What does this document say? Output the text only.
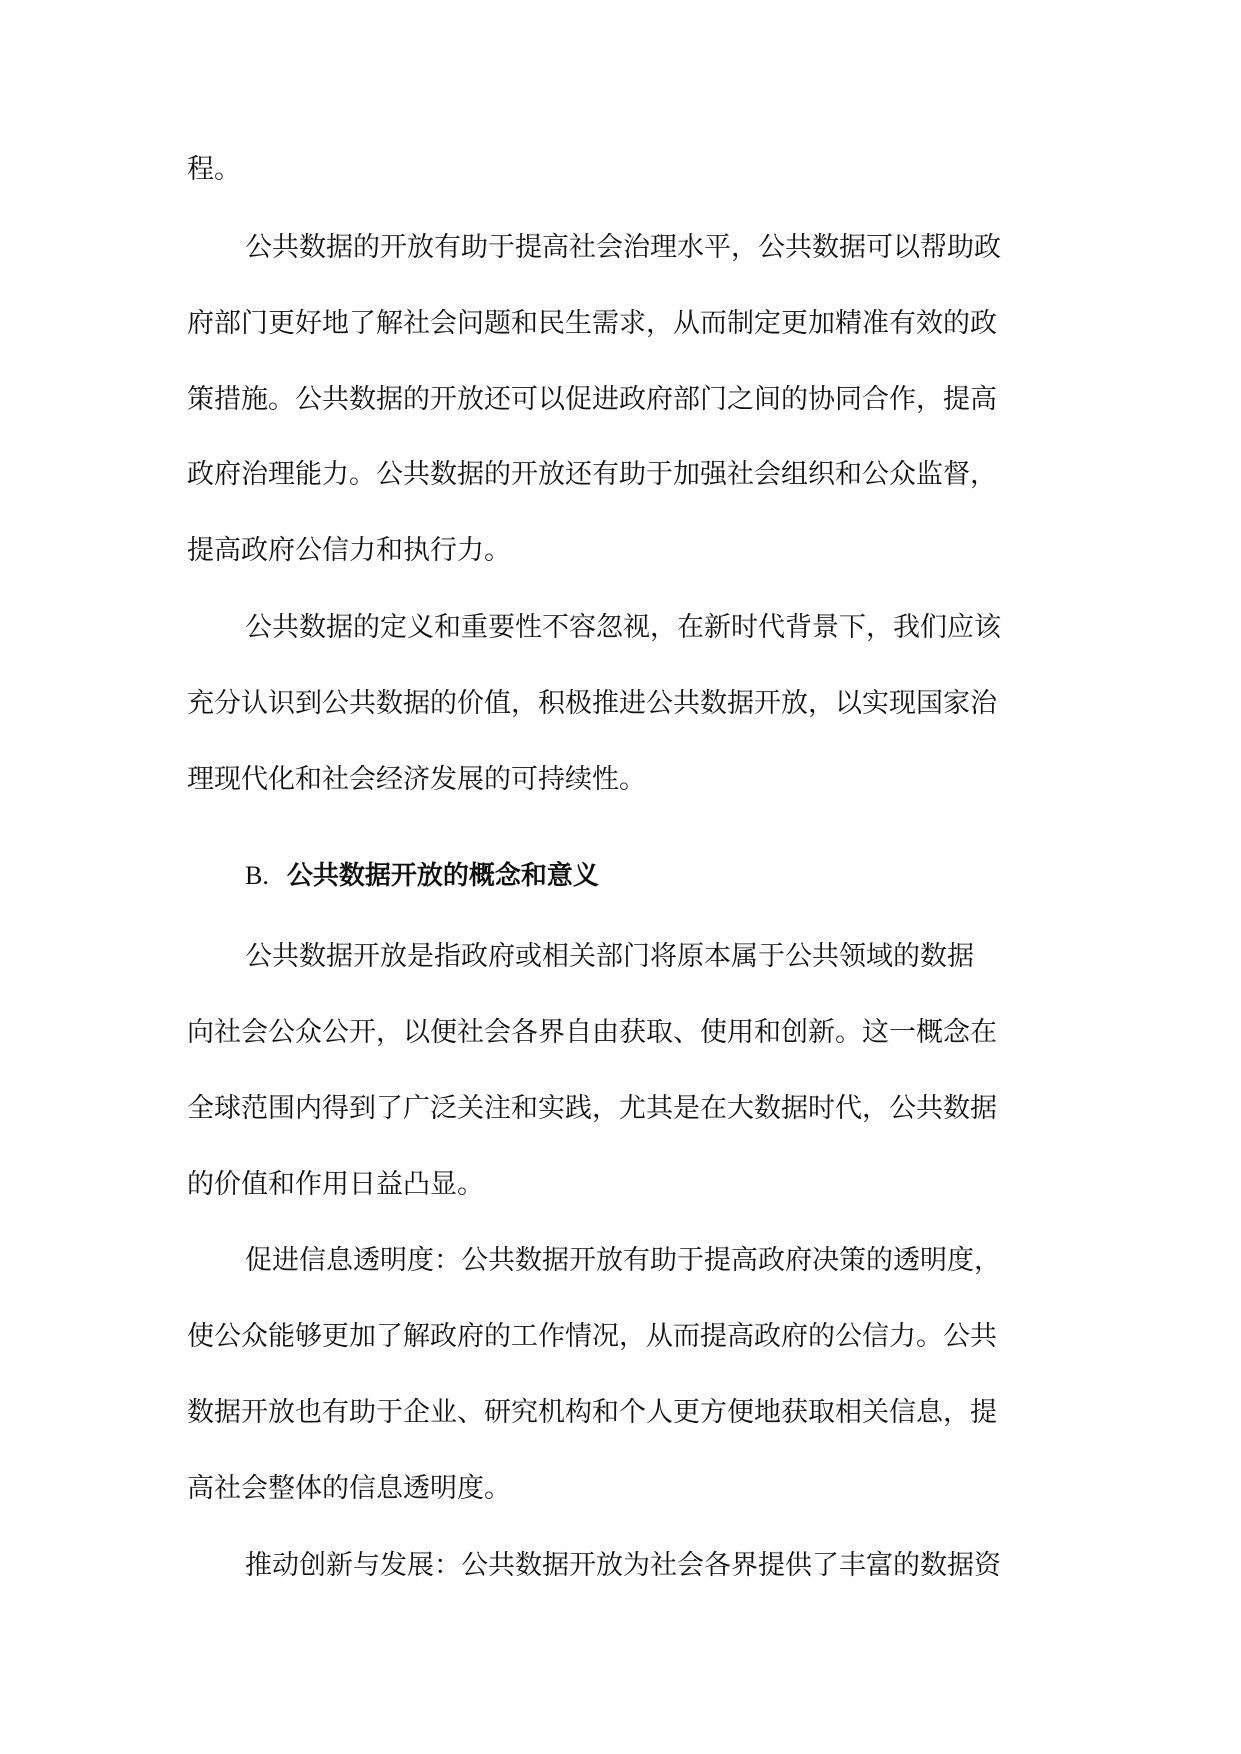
程。
公共数据的开放有助于提高社会治理水平，公共数据可以帮助政
府部门更好地了解社会问题和民生需求，从而制定更加精准有效的政
策措施。公共数据的开放还可以促进政府部门之间的协同合作，提高
政府治理能力。公共数据的开放还有助于加强社会组织和公众监督，
提高政府公信力和执行力。
公共数据的定义和重要性不容忽视，在新时代背景下，我们应该
充分认识到公共数据的价值，积极推进公共数据开放，以实现国家治
理现代化和社会经济发展的可持续性。
B. 公共数据开放的概念和意义
公共数据开放是指政府或相关部门将原本属于公共领域的数据
向社会公众公开，以便社会各界自由获取、使用和创新。这一概念在
全球范围内得到了广泛关注和实践，尤其是在大数据时代，公共数据
的价值和作用日益凸显。
促进信息透明度：公共数据开放有助于提高政府决策的透明度，
使公众能够更加了解政府的工作情况，从而提高政府的公信力。公共
数据开放也有助于企业、研究机构和个人更方便地获取相关信息，提
高社会整体的信息透明度。
推动创新与发展：公共数据开放为社会各界提供了丰富的数据资
